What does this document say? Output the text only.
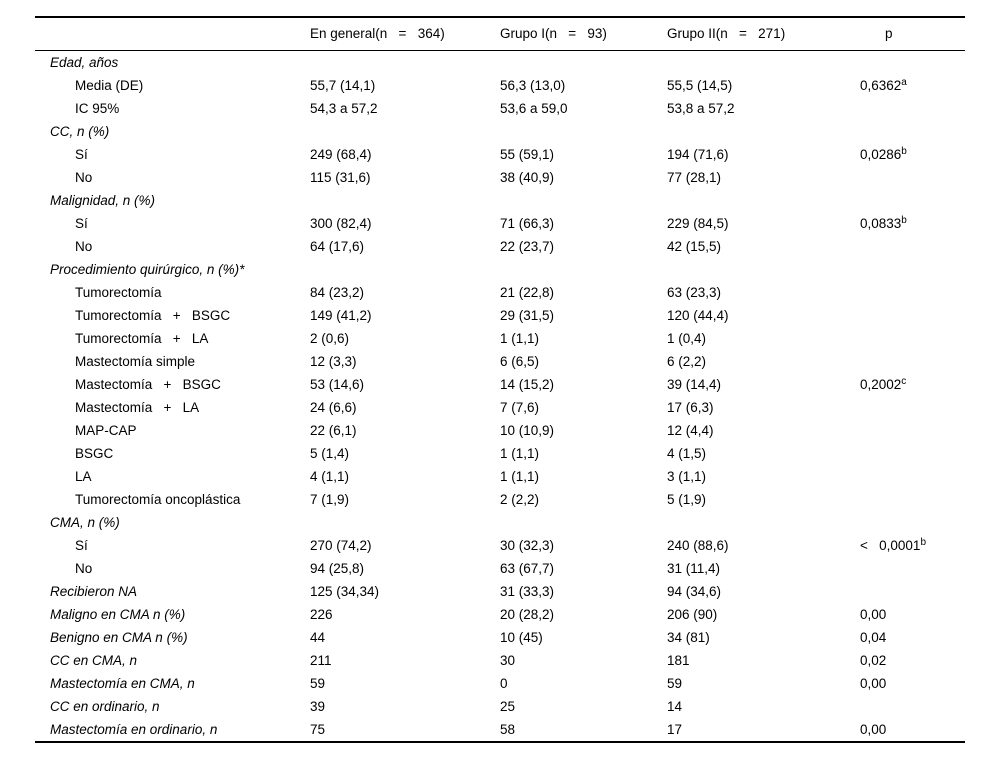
	En general(n   =   364)	Grupo I(n   =   93)	Grupo II(n   =   271)	p
Edad, años				
Media (DE)	55,7 (14,1)	56,3 (13,0)	55,5 (14,5)	0,6362$^a$
IC 95%	54,3 a 57,2	53,6 a 59,0	53,8 a 57,2	
CC, n (%)				
Sí	249 (68,4)	55 (59,1)	194 (71,6)	0,0286$^b$
No	115 (31,6)	38 (40,9)	77 (28,1)	
Malignidad, n (%)				
Sí	300 (82,4)	71 (66,3)	229 (84,5)	0,0833$^b$
No	64 (17,6)	22 (23,7)	42 (15,5)	
Procedimiento quirúrgico, n (%)*				
Tumorectomía	84 (23,2)	21 (22,8)	63 (23,3)	
Tumorectomía   +   BSGC	149 (41,2)	29 (31,5)	120 (44,4)	
Tumorectomía   +   LA	2 (0,6)	1 (1,1)	1 (0,4)	
Mastectomía simple	12 (3,3)	6 (6,5)	6 (2,2)	
Mastectomía   +   BSGC	53 (14,6)	14 (15,2)	39 (14,4)	0,2002$^c$
Mastectomía   +   LA	24 (6,6)	7 (7,6)	17 (6,3)	
MAP-CAP	22 (6,1)	10 (10,9)	12 (4,4)	
BSGC	5 (1,4)	1 (1,1)	4 (1,5)	
LA	4 (1,1)	1 (1,1)	3 (1,1)	
Tumorectomía oncoplástica	7 (1,9)	2 (2,2)	5 (1,9)	
CMA, n (%)				
Sí	270 (74,2)	30 (32,3)	240 (88,6)	<   0,0001$^b$
No	94 (25,8)	63 (67,7)	31 (11,4)	
Recibieron NA	125 (34,34)	31 (33,3)	94 (34,6)	
Maligno en CMA n (%)	226	20 (28,2)	206 (90)	0,00
Benigno en CMA n (%)	44	10 (45)	34 (81)	0,04
CC en CMA, n	211	30	181	0,02
Mastectomía en CMA, n	59	0	59	0,00
CC en ordinario, n	39	25	14	
Mastectomía en ordinario, n	75	58	17	0,00
